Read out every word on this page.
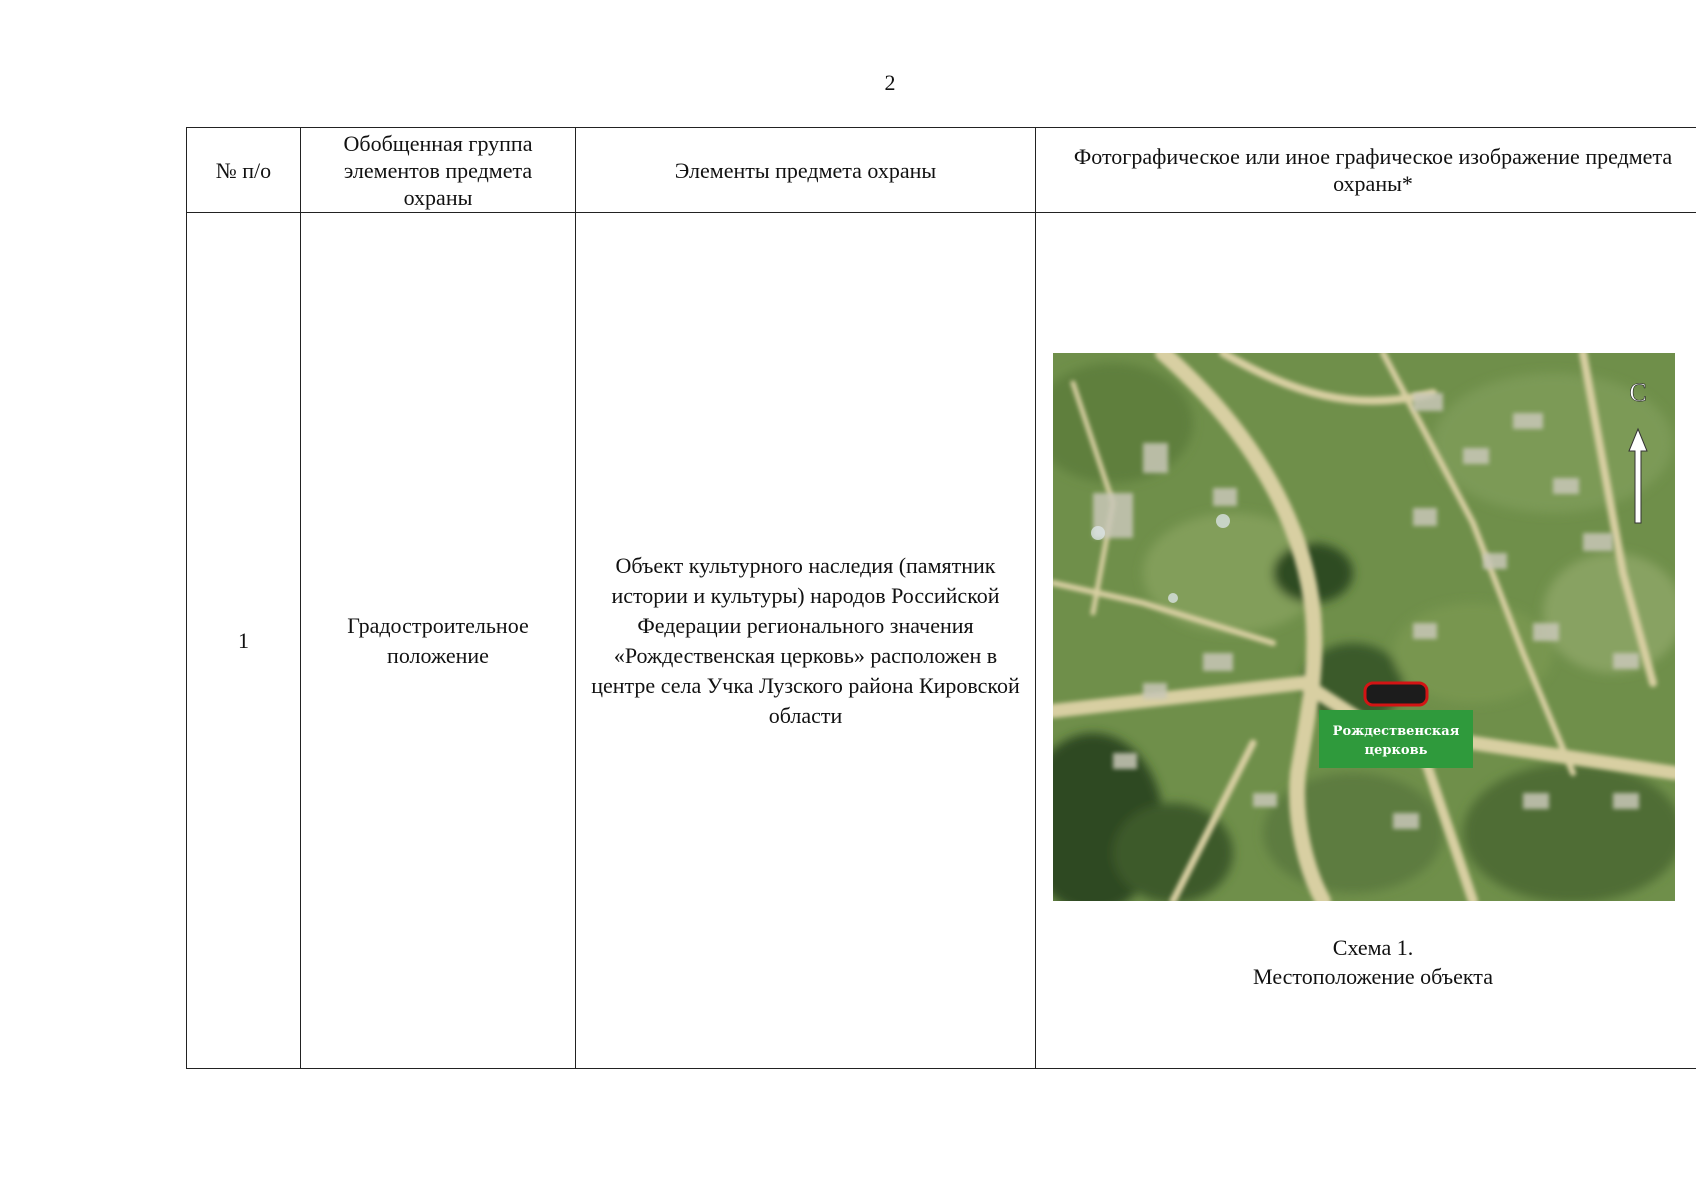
2
№ п/о	Обобщенная группа элементов предмета охраны	Элементы предмета охраны	Фотографическое или иное графическое изображение предмета охраны*
1	Градостроительное положение	Объект культурного наследия (памятник истории и культуры) народов Российской Федерации регионального значения «Рождественская церковь» расположен в центре села Учка Лузского района Кировской области	Рождественская
церковь
С
Схема 1.
Местоположение объекта
